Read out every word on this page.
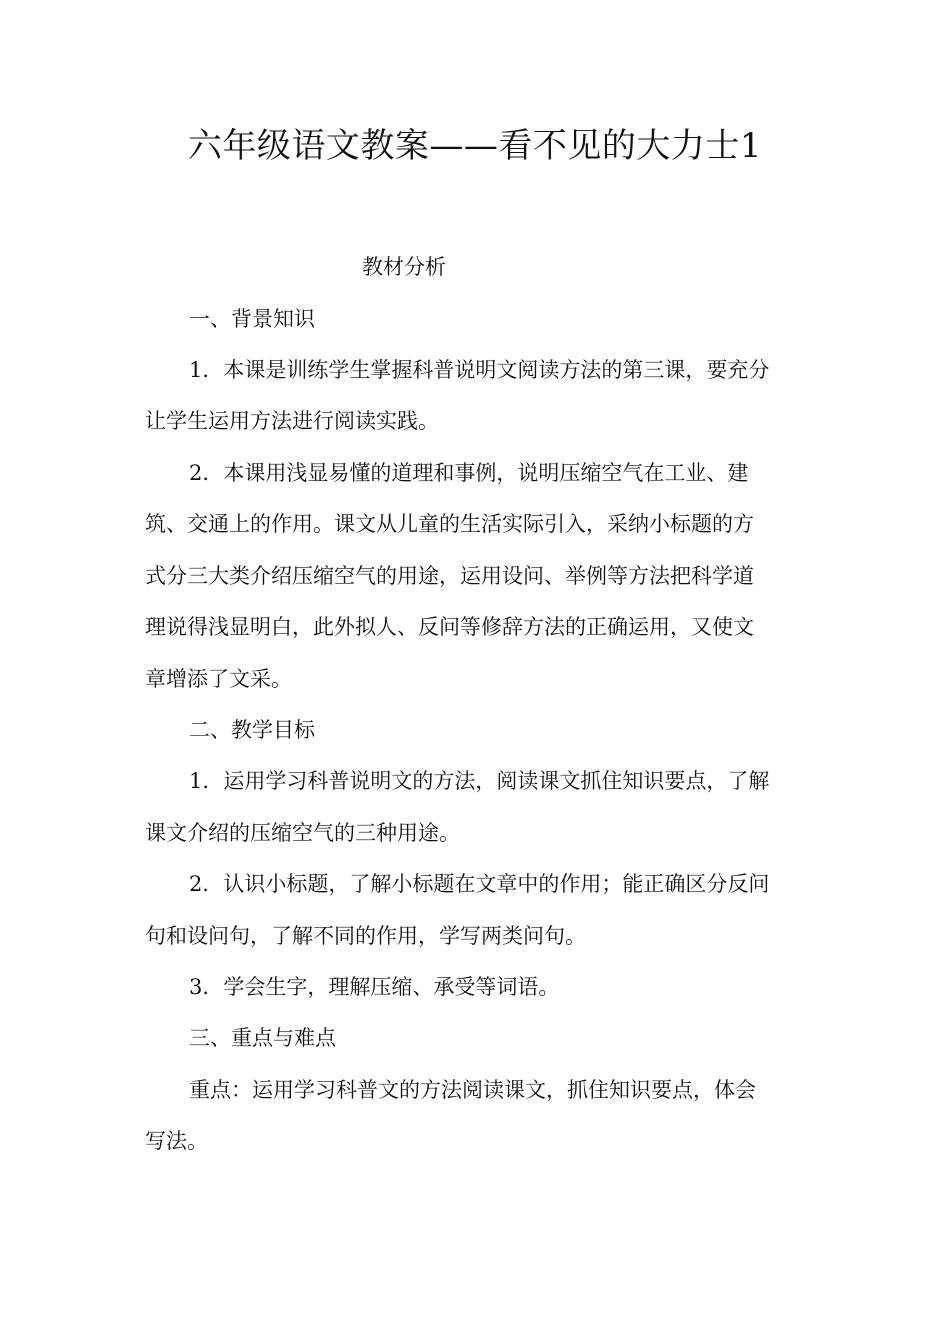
六年级语文教案——看不见的大力士1
教材分析
一、背景知识
1．本课是训练学生掌握科普说明文阅读方法的第三课，要充分
让学生运用方法进行阅读实践。
2．本课用浅显易懂的道理和事例，说明压缩空气在工业、建
筑、交通上的作用。课文从儿童的生活实际引入，采纳小标题的方
式分三大类介绍压缩空气的用途，运用设问、举例等方法把科学道
理说得浅显明白，此外拟人、反问等修辞方法的正确运用，又使文
章增添了文采。
二、教学目标
1．运用学习科普说明文的方法，阅读课文抓住知识要点，了解
课文介绍的压缩空气的三种用途。
2．认识小标题，了解小标题在文章中的作用；能正确区分反问
句和设问句，了解不同的作用，学写两类问句。
3．学会生字，理解压缩、承受等词语。
三、重点与难点
重点：运用学习科普文的方法阅读课文，抓住知识要点，体会
写法。
